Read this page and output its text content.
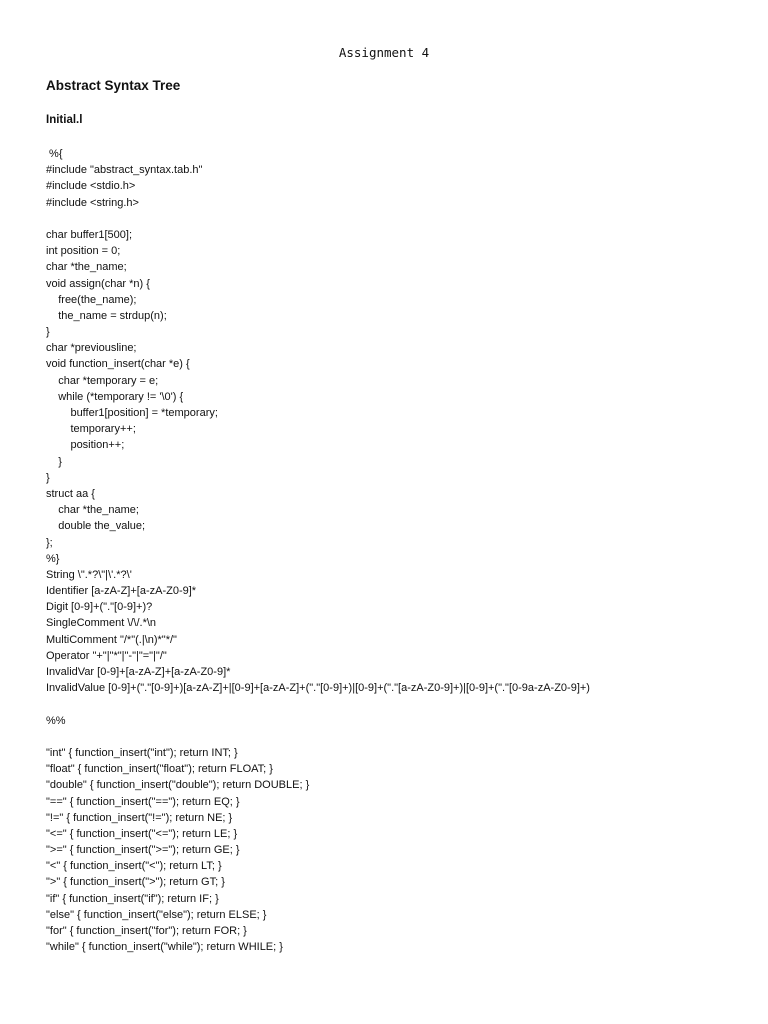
Assignment 4
Abstract Syntax Tree
Initial.l
%{
#include "abstract_syntax.tab.h"
#include <stdio.h>
#include <string.h>
char buffer1[500];
int position = 0;
char *the_name;
void assign(char *n) {
free(the_name);
the_name = strdup(n);
}
char *previousline;
void function_insert(char *e) {
char *temporary = e;
while (*temporary != '\0') {
buffer1[position] = *temporary;
temporary++;
position++;
}
}
struct aa {
char *the_name;
double the_value;
};
%}
String \".*?\"|\'.*?\'
Identifier [a-zA-Z]+[a-zA-Z0-9]*
Digit [0-9]+("."[0-9]+)?
SingleComment \/\/.*\n
MultiComment "/*"(.|\n)*"*/"
Operator "+"|"*"|"-"|"="|"/"
InvalidVar [0-9]+[a-zA-Z]+[a-zA-Z0-9]*
InvalidValue [0-9]+("."[0-9]+)[a-zA-Z]+|[0-9]+[a-zA-Z]+("."[0-9]+)|[0-9]+("."[a-zA-Z0-9]+)|[0-9]+("."[0-9a-zA-Z0-9]+)
%%
"int" { function_insert("int"); return INT; }
"float" { function_insert("float"); return FLOAT; }
"double" { function_insert("double"); return DOUBLE; }
"==" { function_insert("=="); return EQ; }
"!=" { function_insert("!="); return NE; }
"<=" { function_insert("<="); return LE; }
">=" { function_insert(">="); return GE; }
"<" { function_insert("<"); return LT; }
">" { function_insert(">"); return GT; }
"if" { function_insert("if"); return IF; }
"else" { function_insert("else"); return ELSE; }
"for" { function_insert("for"); return FOR; }
"while" { function_insert("while"); return WHILE; }
